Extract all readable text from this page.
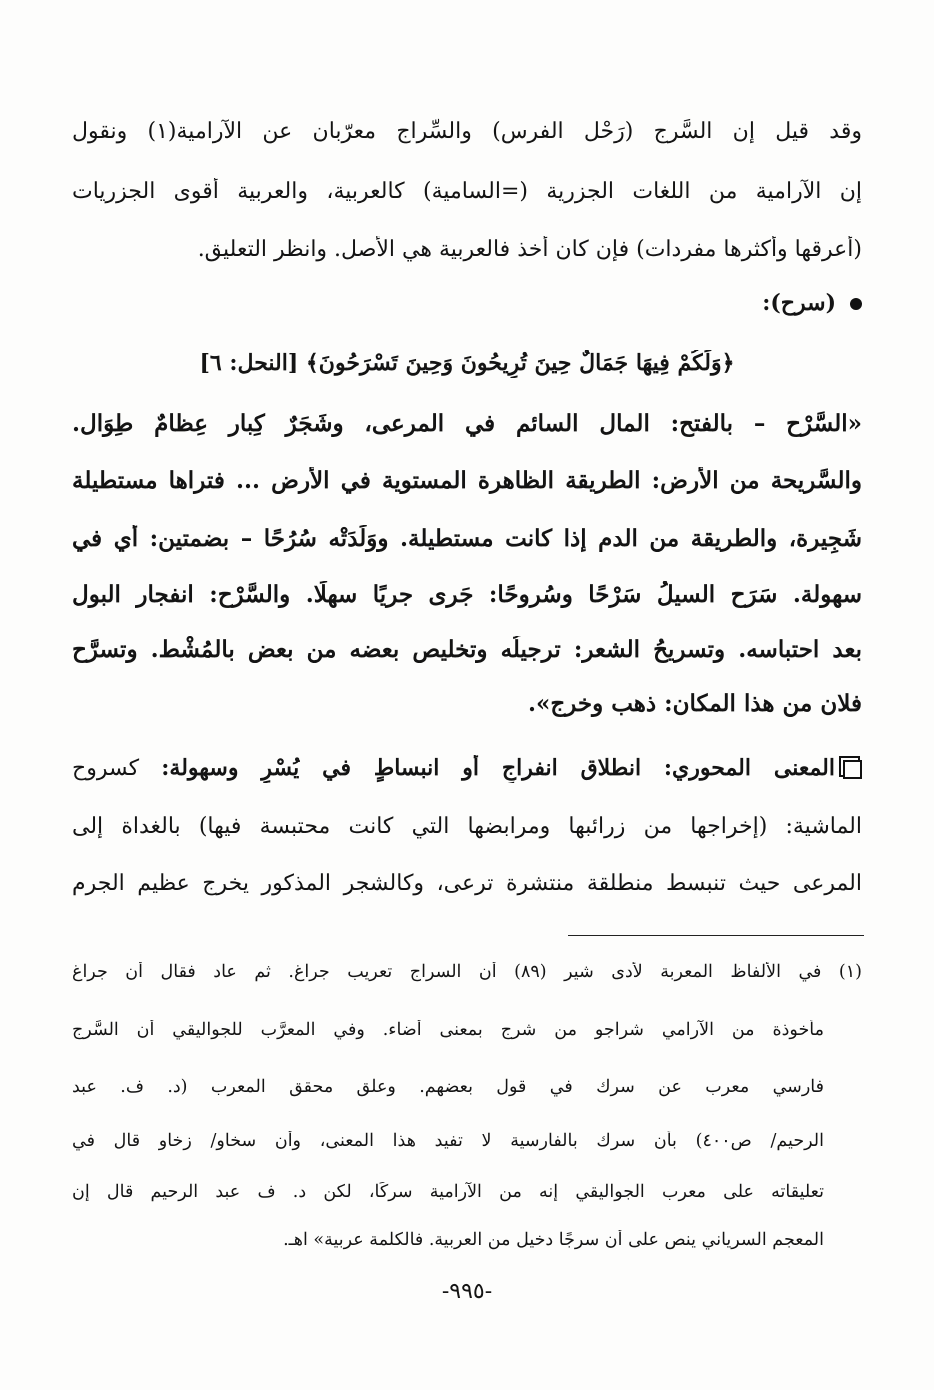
وقد قيل إن السَّرج (رَحْل الفرس) والسِّراج معرّبان عن الآرامية(١) ونقول

إن الآرامية من اللغات الجزرية (=السامية) كالعربية، والعربية أقوى الجزريات

(أعرقها وأكثرها مفردات) فإن كان أخذ فالعربية هي الأصل. وانظر التعليق.

(سرح):

﴿وَلَكُمْ فِيهَا جَمَالٌ حِينَ تُرِيحُونَ وَحِينَ تَسْرَحُونَ﴾ [النحل: ٦]

«السَّرْح – بالفتح: المال السائم في المرعى، وشَجَرٌ كِبار عِظامٌ طِوَال.

والسَّريحة من الأرض: الطريقة الظاهرة المستوية في الأرض ... فتراها مستطيلة

شَجِيرة، والطريقة من الدم إذا كانت مستطيلة. ووَلَدَتْه سُرُحًا – بضمتين: أي في

سهولة. سَرَح السيلُ سَرْحًا وسُروحًا: جَرى جريًا سهلًا. والسَّرْح: انفجار البول

بعد احتباسه. وتسريحُ الشعر: ترجيلُه وتخليص بعضه من بعض بالمُشْط. وتسرَّح

فلان من هذا المكان: ذهب وخرج».

المعنى المحوري: انطلاق انفراجٍ أو انبساطٍ في يُسْرٍ وسهولة: كسروح

الماشية: (إخراجها من زرائبها ومرابضها التي كانت محتبسة فيها) بالغداة إلى

المرعى حيث تنبسط منطلقة منتشرة ترعى، وكالشجر المذكور يخرج عظيم الجرم

(١) في الألفاظ المعربة لأدى شير (٨٩) أن السراج تعريب جراغ. ثم عاد فقال أن جراغ

مأخوذة من الآرامي شراجو من شرج بمعنى أضاء. وفي المعرَّب للجواليقي أن السَّرج

فارسي معرب عن سرك في قول بعضهم. وعلق محقق المعرب (د. ف. عبد

الرحيم/ ص٤٠٠) بأن سرك بالفارسية لا تفيد هذا المعنى، وأن سخاو/ زخاو قال في

تعليقاته على معرب الجواليقي إنه من الآرامية سركًا، لكن د. ف عبد الرحيم قال إن

المعجم السرياني ينص على أن سرجًا دخيل من العربية. فالكلمة عربية» اهـ.

-٩٩٥-
